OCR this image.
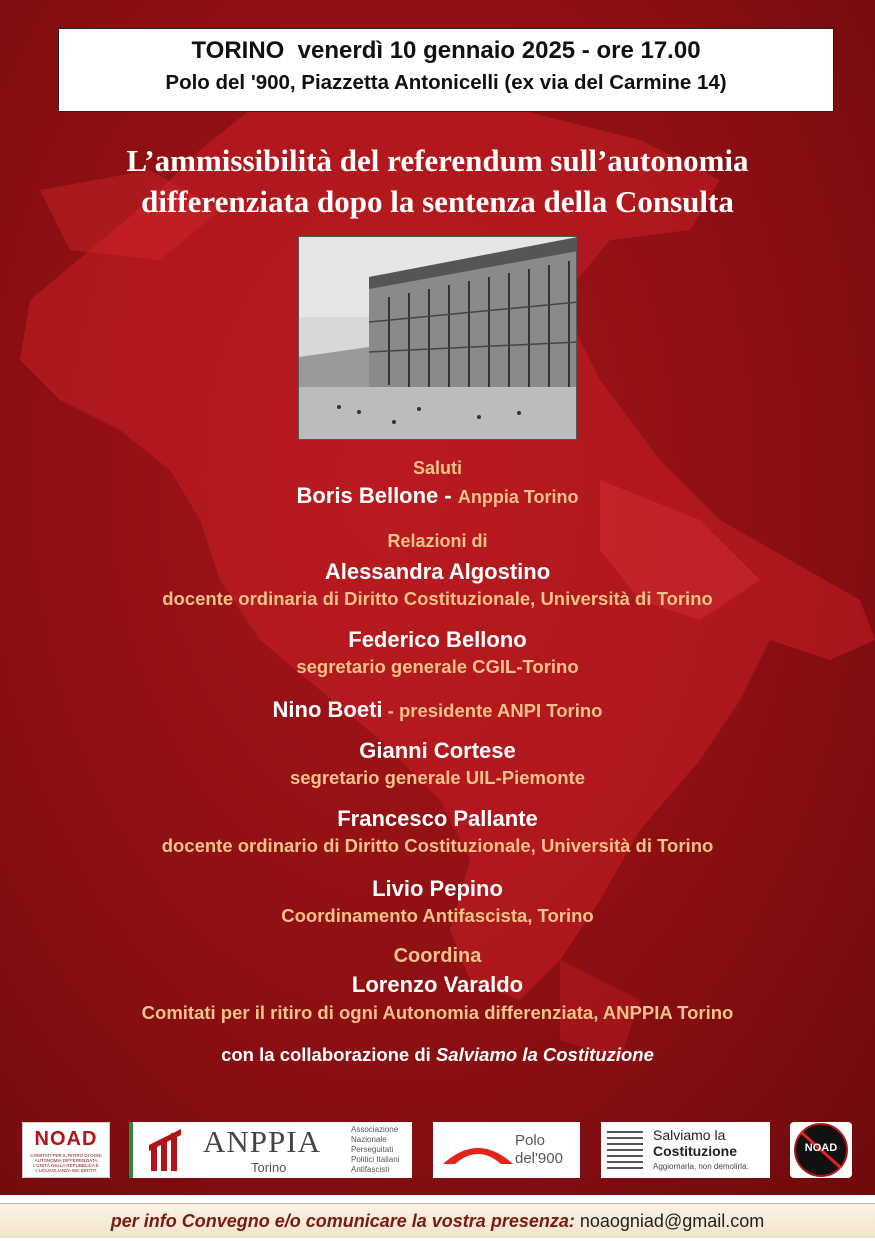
TORINO  venerdì 10 gennaio 2025 - ore 17.00
Polo del '900, Piazzetta Antonicelli (ex via del Carmine 14)
L’ammissibilità del referendum sull’autonomia
differenziata dopo la sentenza della Consulta
Saluti
Boris Bellone - Anppia Torino
Relazioni di
Alessandra Algostino
docente ordinaria di Diritto Costituzionale, Università di Torino
Federico Bellono
segretario generale CGIL-Torino
Nino Boeti - presidente ANPI Torino
Gianni Cortese
segretario generale UIL-Piemonte
Francesco Pallante
docente ordinario di Diritto Costituzionale, Università di Torino
Livio Pepino
Coordinamento Antifascista, Torino
Coordina
Lorenzo Varaldo
Comitati per il ritiro di ogni Autonomia differenziata, ANPPIA Torino
con la collaborazione di Salviamo la Costituzione
NOAD
COMITATI PER IL RITIRO DI OGNI AUTONOMIA DIFFERENZIATA L'UNITÀ DELLA REPUBBLICA E L'UGUAGLIANZA DEI DIRITTI
ANPPIA
Torino
Associazione
Nazionale
Perseguitati
Politici Italiani
Antifascisti
Polo
del'900
Salviamo la
Costituzione
Aggiornarla, non demolirla.
NOAD
per info Convegno e/o comunicare la vostra presenza: noaogniad@gmail.com
